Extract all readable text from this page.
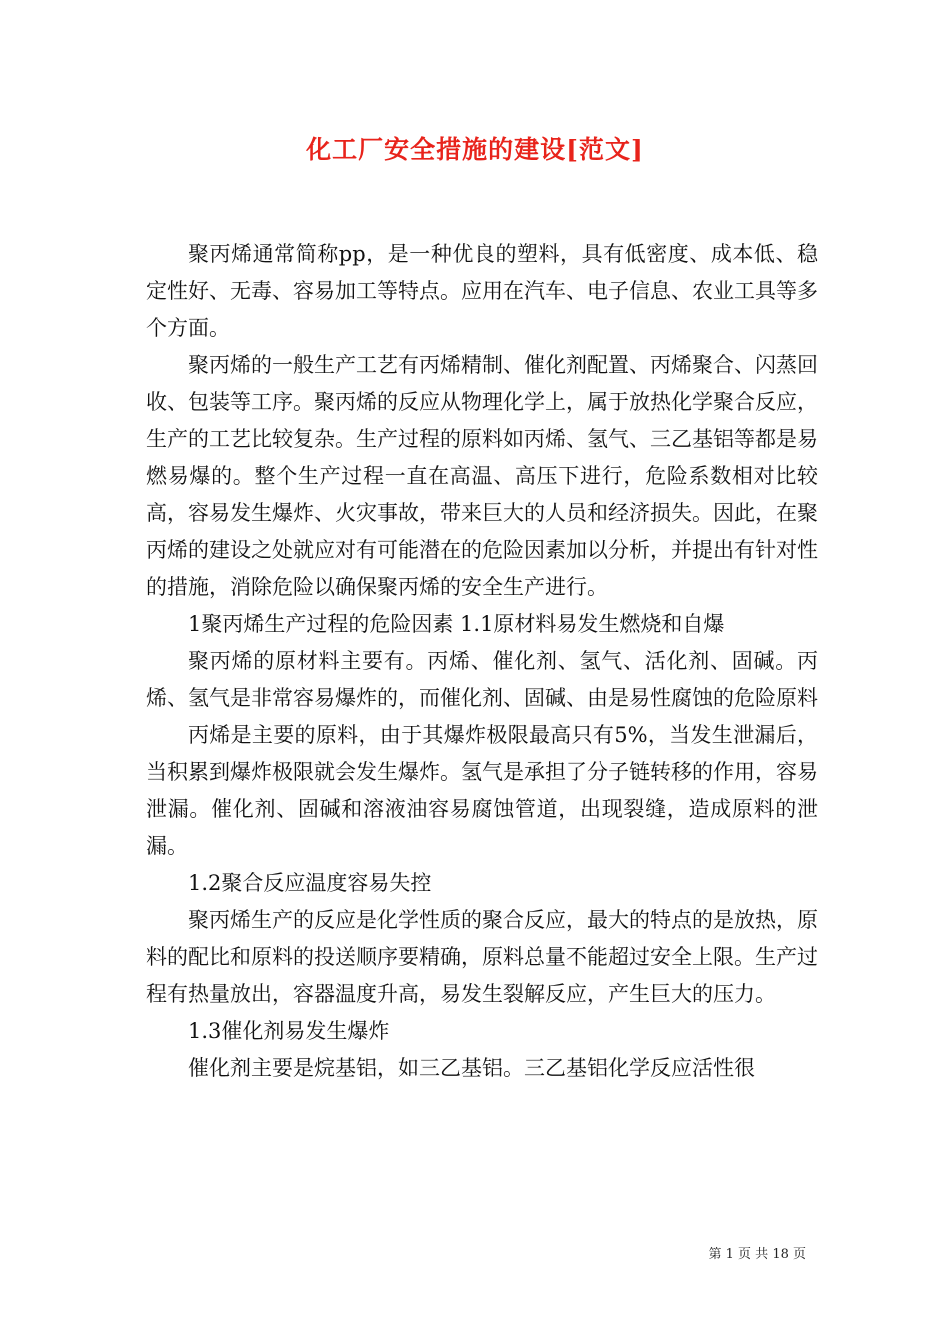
化工厂安全措施的建设[范文]

聚丙烯通常简称pp，是一种优良的塑料，具有低密度、成本低、稳定性好、无毒、容易加工等特点。应用在汽车、电子信息、农业工具等多个方面。

聚丙烯的一般生产工艺有丙烯精制、催化剂配置、丙烯聚合、闪蒸回收、包装等工序。聚丙烯的反应从物理化学上，属于放热化学聚合反应，生产的工艺比较复杂。生产过程的原料如丙烯、氢气、三乙基铝等都是易燃易爆的。整个生产过程一直在高温、高压下进行，危险系数相对比较高，容易发生爆炸、火灾事故，带来巨大的人员和经济损失。因此，在聚丙烯的建设之处就应对有可能潜在的危险因素加以分析，并提出有针对性的措施，消除危险以确保聚丙烯的安全生产进行。

1聚丙烯生产过程的危险因素 1.1原材料易发生燃烧和自爆

聚丙烯的原材料主要有。丙烯、催化剂、氢气、活化剂、固碱。丙烯、氢气是非常容易爆炸的，而催化剂、固碱、由是易性腐蚀的危险原料

丙烯是主要的原料，由于其爆炸极限最高只有5%，当发生泄漏后，当积累到爆炸极限就会发生爆炸。氢气是承担了分子链转移的作用，容易泄漏。催化剂、固碱和溶液油容易腐蚀管道，出现裂缝，造成原料的泄漏。

1.2聚合反应温度容易失控

聚丙烯生产的反应是化学性质的聚合反应，最大的特点的是放热，原料的配比和原料的投送顺序要精确，原料总量不能超过安全上限。生产过程有热量放出，容器温度升高，易发生裂解反应，产生巨大的压力。

1.3催化剂易发生爆炸

催化剂主要是烷基铝，如三乙基铝。三乙基铝化学反应活性很

第 1 页 共 18 页
